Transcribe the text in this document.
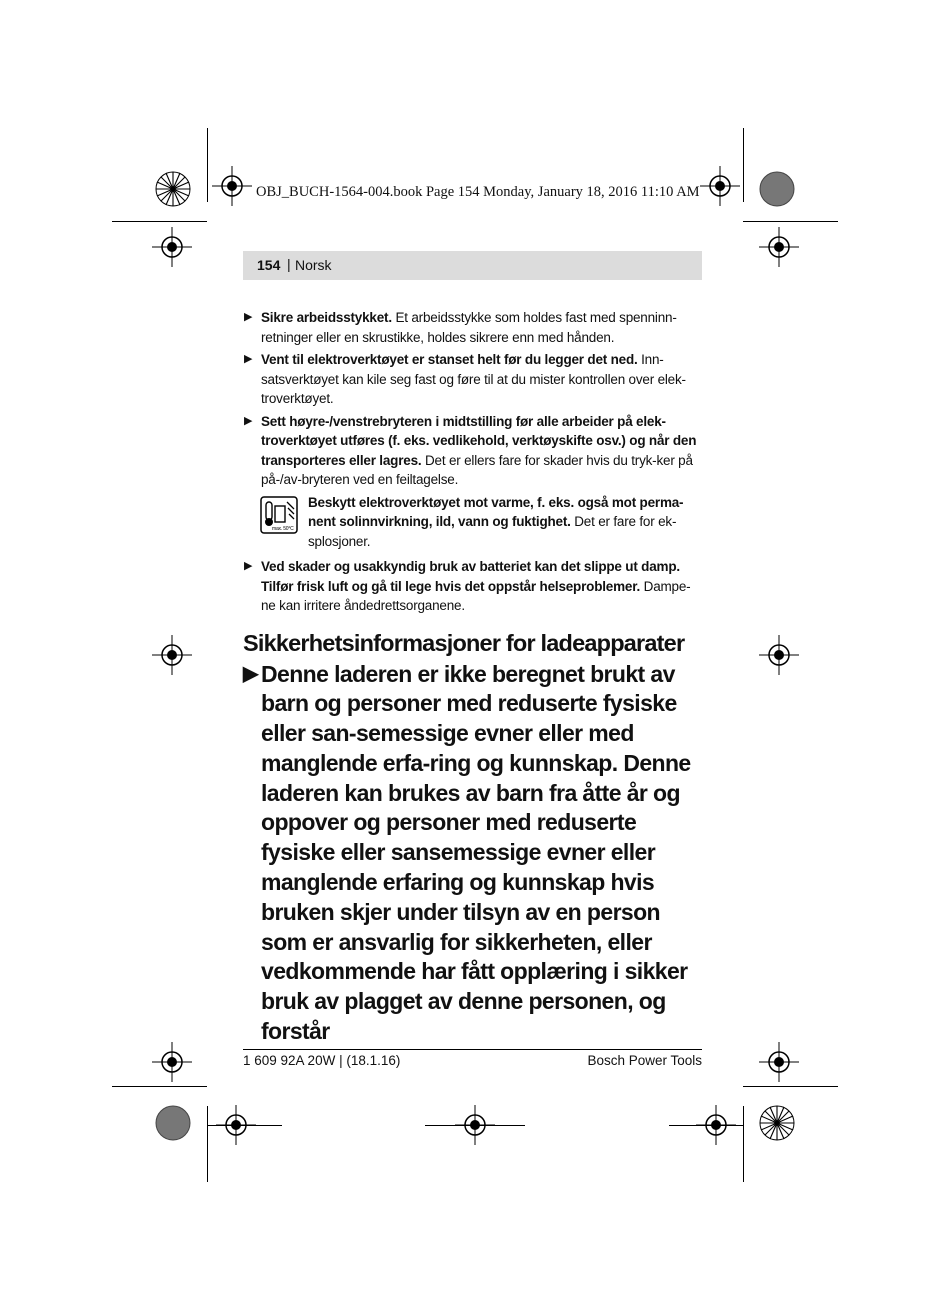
OBJ_BUCH-1564-004.book Page 154 Monday, January 18, 2016 11:10 AM
154 | Norsk
▶ Sikre arbeidsstykket. Et arbeidsstykke som holdes fast med spenninn-retninger eller en skrustikke, holdes sikrere enn med hånden.
▶ Vent til elektroverktøyet er stanset helt før du legger det ned. Inn-satsverktøyet kan kile seg fast og føre til at du mister kontrollen over elek-troverktøyet.
▶ Sett høyre-/venstrebryteren i midtstilling før alle arbeider på elek-troverktøyet utføres (f. eks. vedlikehold, verktøyskifte osv.) og når den transporteres eller lagres. Det er ellers fare for skader hvis du tryk-ker på på-/av-bryteren ved en feiltagelse.
max. 50°C
Beskytt elektroverktøyet mot varme, f. eks. også mot perma-nent solinnvirkning, ild, vann og fuktighet. Det er fare for ek-splosjoner.
▶ Ved skader og usakkyndig bruk av batteriet kan det slippe ut damp. Tilfør frisk luft og gå til lege hvis det oppstår helseproblemer. Dampe-ne kan irritere åndedrettsorganene.
Sikkerhetsinformasjoner for ladeapparater
▶ Denne laderen er ikke beregnet brukt av barn og personer med reduserte fysiske eller san-semessige evner eller med manglende erfa-ring og kunnskap. Denne laderen kan brukes av barn fra åtte år og oppover og personer med reduserte fysiske eller sansemessige evner eller manglende erfaring og kunnskap hvis bruken skjer under tilsyn av en person som er ansvarlig for sikkerheten, eller vedkommende har fått opplæring i sikker bruk av plagget av denne personen, og forstår
1 609 92A 20W | (18.1.16)	Bosch Power Tools
